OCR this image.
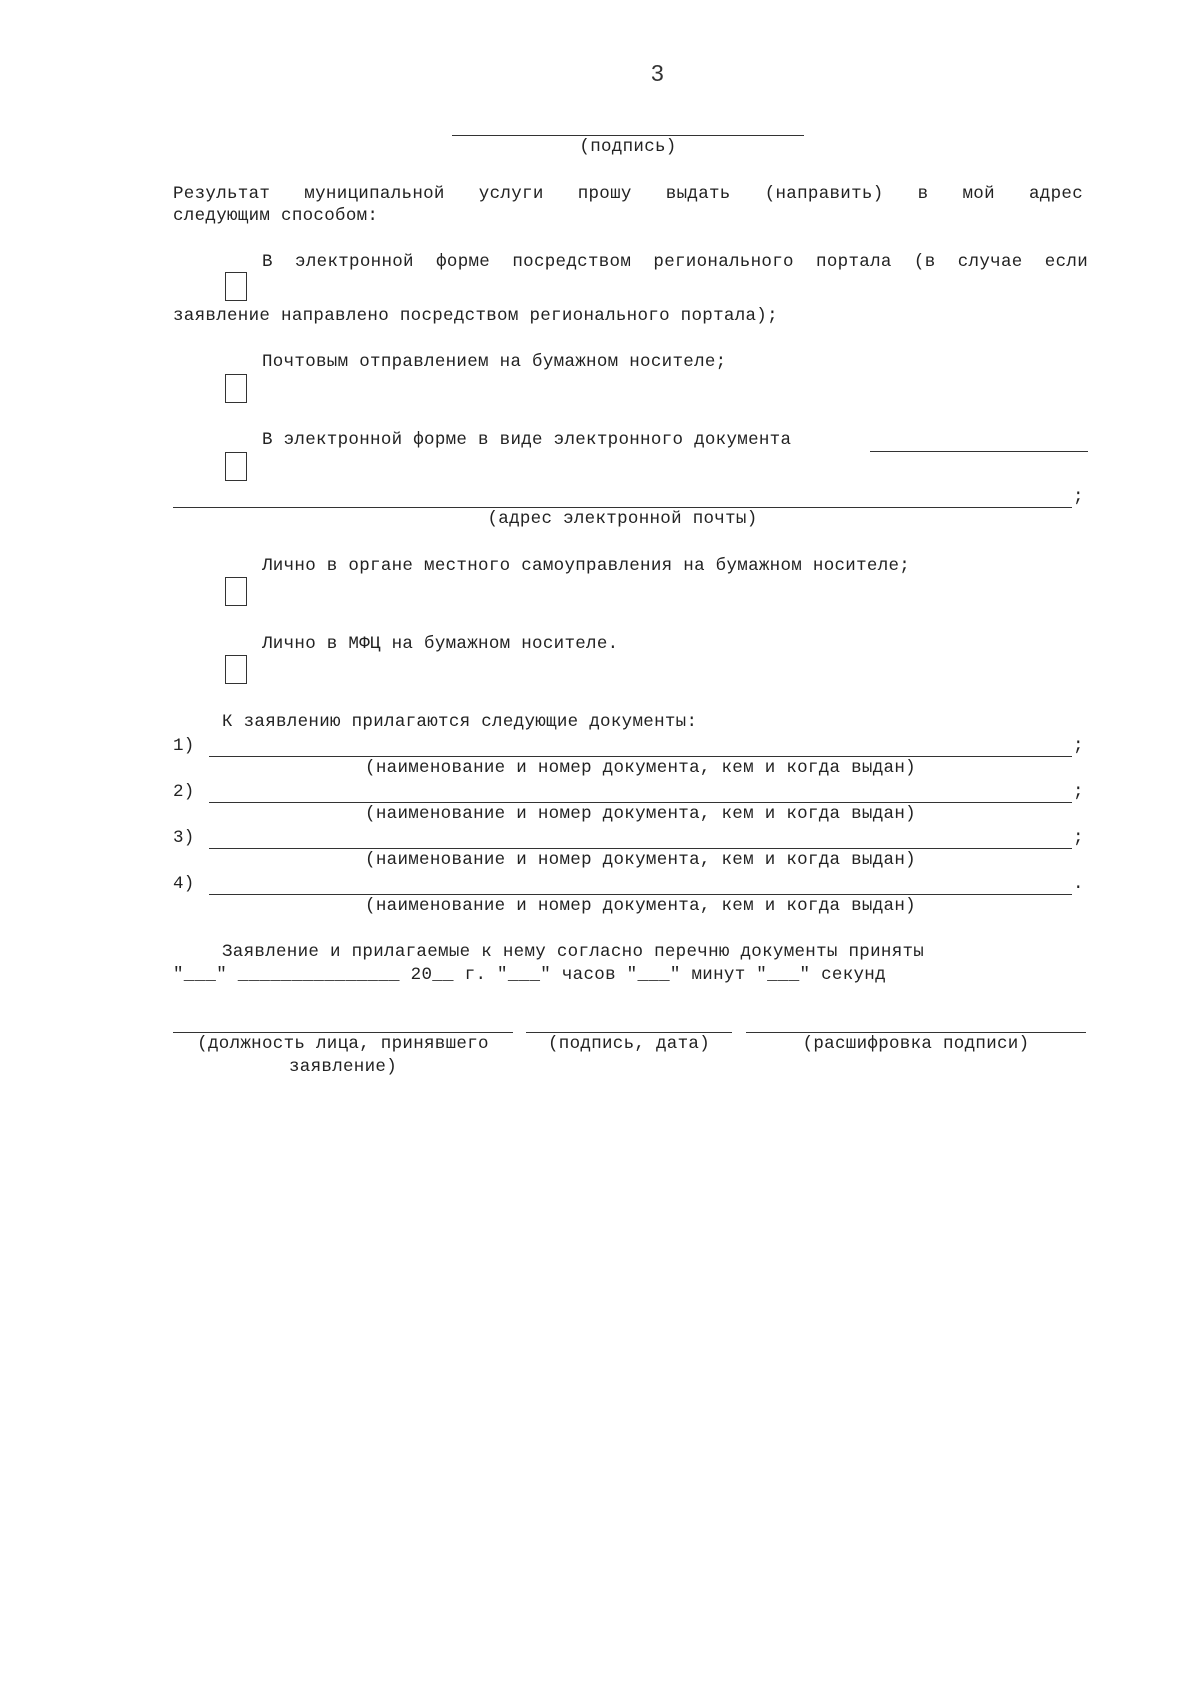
3
(подпись)
Результат муниципальной услуги прошу выдать (направить) в мой адрес
следующим способом:
В электронной форме посредством регионального портала (в случае если
заявление направлено посредством регионального портала);
Почтовым отправлением на бумажном носителе;
В электронной форме в виде электронного документа
;
(адрес электронной почты)
Лично в органе местного самоуправления на бумажном носителе;
Лично в МФЦ на бумажном носителе.
К заявлению прилагаются следующие документы:
1)	;
(наименование и номер документа, кем и когда выдан)
2)	;
(наименование и номер документа, кем и когда выдан)
3)	;
(наименование и номер документа, кем и когда выдан)
4)	.
(наименование и номер документа, кем и когда выдан)
Заявление и прилагаемые к нему согласно перечню документы приняты
"___" _______________ 20__ г. "___" часов "___" минут "___" секунд
(должность лица, принявшего
заявление)
(подпись, дата)	(расшифровка подписи)
